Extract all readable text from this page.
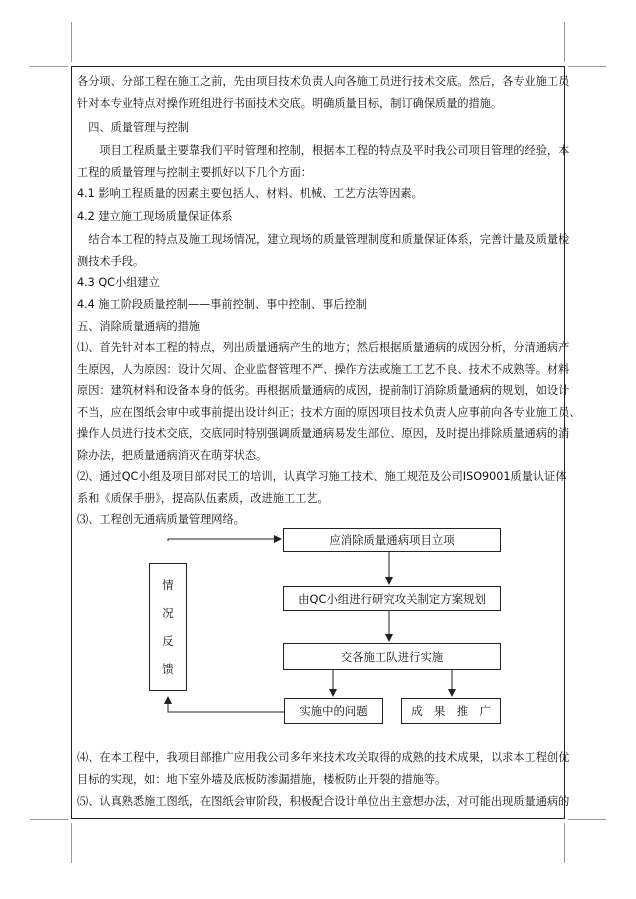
各分项、分部工程在施工之前，先由项目技术负责人向各施工员进行技术交底。然后，各专业施工员
针对本专业特点对操作班组进行书面技术交底。明确质量目标，制订确保质量的措施。
　四、质量管理与控制
　　项目工程质量主要靠我们平时管理和控制，根据本工程的特点及平时我公司项目管理的经验，本
工程的质量管理与控制主要抓好以下几个方面：
4.1 影响工程质量的因素主要包括人、材料、机械、工艺方法等因素。
4.2 建立施工现场质量保证体系
　结合本工程的特点及施工现场情况，建立现场的质量管理制度和质量保证体系，完善计量及质量检
测技术手段。
4.3 QC小组建立
4.4 施工阶段质量控制——事前控制、事中控制、事后控制
五、消除质量通病的措施
⑴、首先针对本工程的特点，列出质量通病产生的地方；然后根据质量通病的成因分析，分清通病产
生原因，人为原因：设计欠周、企业监督管理不严、操作方法或施工工艺不良、技术不成熟等。材料
原因：建筑材料和设备本身的低劣。再根据质量通病的成因，提前制订消除质量通病的规划，如设计
不当，应在图纸会审中或事前提出设计纠正；技术方面的原因项目技术负责人应事前向各专业施工员、
操作人员进行技术交底，交底同时特别强调质量通病易发生部位、原因，及时提出排除质量通病的消
除办法，把质量通病消灭在萌芽状态。
⑵、通过QC小组及项目部对民工的培训，认真学习施工技术、施工规范及公司ISO9001质量认证体
系和《质保手册》，提高队伍素质，改进施工工艺。
⑶、工程创无通病质量管理网络。
情
况
反
馈
应消除质量通病项目立项
由QC小组进行研究攻关制定方案规划
交各施工队进行实施
实施中的问题	成　果　推　广
⑷、在本工程中，我项目部推广应用我公司多年来技术攻关取得的成熟的技术成果，以求本工程创优
目标的实现，如：地下室外墙及底板防渗漏措施，楼板防止开裂的措施等。
⑸、认真熟悉施工图纸，在图纸会审阶段，积极配合设计单位出主意想办法，对可能出现质量通病的
